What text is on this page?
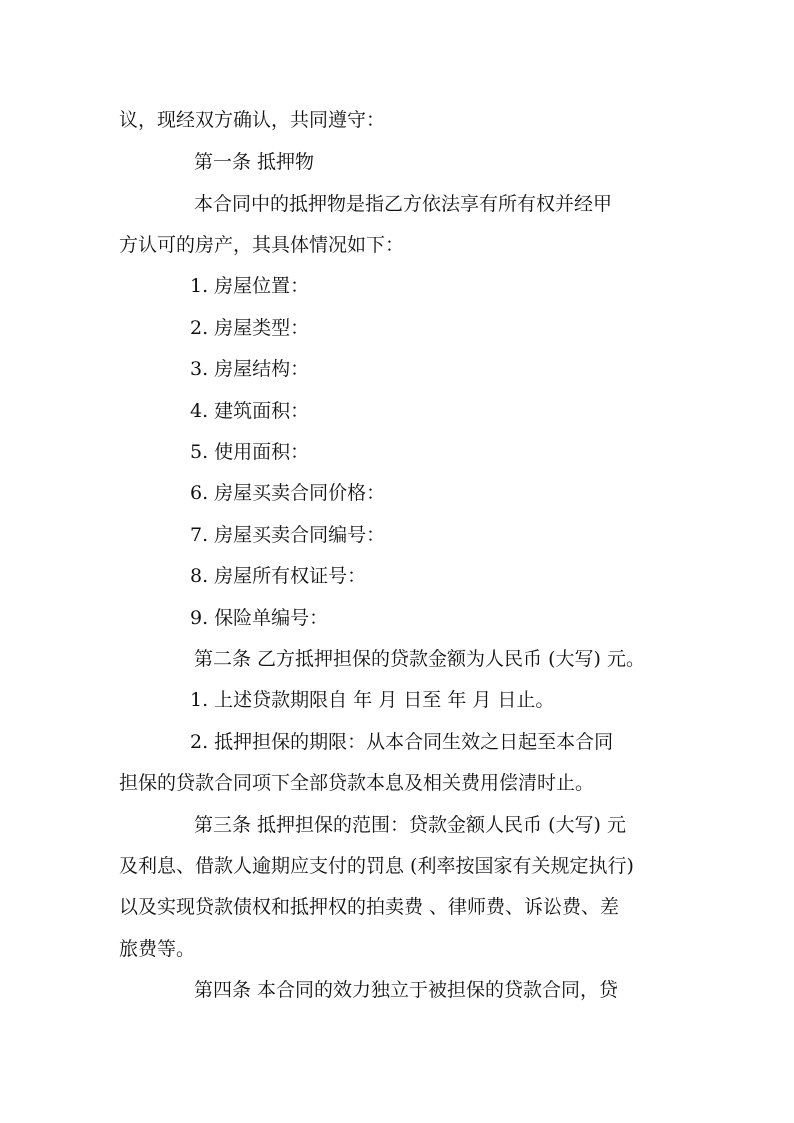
议，现经双方确认，共同遵守：
第一条 抵押物
本合同中的抵押物是指乙方依法享有所有权并经甲
方认可的房产，其具体情况如下：
1. 房屋位置：
2. 房屋类型：
3. 房屋结构：
4. 建筑面积：
5. 使用面积：
6. 房屋买卖合同价格：
7. 房屋买卖合同编号：
8. 房屋所有权证号：
9. 保险单编号：
第二条 乙方抵押担保的贷款金额为人民币 (大写) 元。
1. 上述贷款期限自 年 月 日至 年 月 日止。
2. 抵押担保的期限：从本合同生效之日起至本合同
担保的贷款合同项下全部贷款本息及相关费用偿清时止。
第三条 抵押担保的范围：贷款金额人民币 (大写) 元
及利息、借款人逾期应支付的罚息 (利率按国家有关规定执行)
以及实现贷款债权和抵押权的拍卖费 、律师费、诉讼费、差
旅费等。
第四条 本合同的效力独立于被担保的贷款合同，贷
